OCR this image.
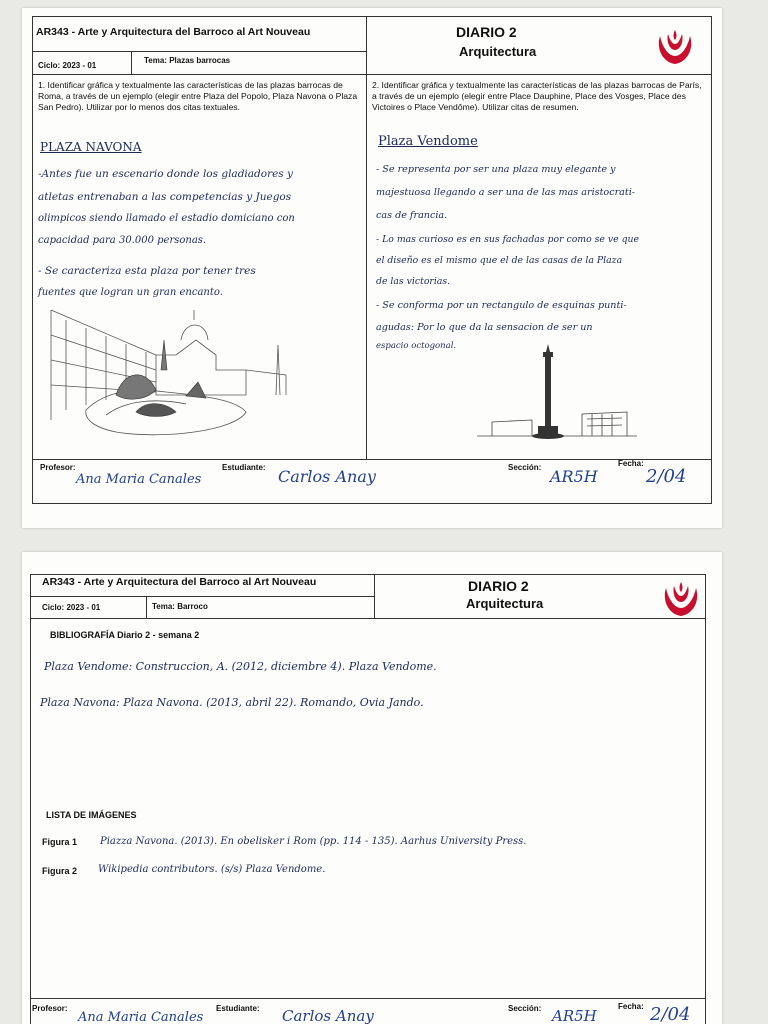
AR343 - Arte y Arquitectura del Barroco al Art Nouveau	DIARIO 2
Arquitectura
Ciclo: 2023 - 01
Tema: Plazas barrocas
1. Identificar gráfica y textualmente las características de las plazas barrocas de Roma, a través de un ejemplo (elegir entre Plaza del Popolo, Plaza Navona o Plaza San Pedro). Utilizar por lo menos dos citas textuales.
2. Identificar gráfica y textualmente las características de las plazas barrocas de París, a través de un ejemplo (elegir entre Place Dauphine, Place des Vosges, Place des Victoires o Place Vendôme). Utilizar citas de resumen.
PLAZA NAVONA
-Antes fue un escenario donde los gladiadores y
atletas entrenaban a las competencias y Juegos
olimpicos siendo llamado el estadio domiciano con
capacidad para 30.000 personas.
- Se caracteriza esta plaza por tener tres
fuentes que logran un gran encanto.
Plaza Vendome
- Se representa por ser una plaza muy elegante y
majestuosa llegando a ser una de las mas aristocrati-
cas de francia.
- Lo mas curioso es en sus fachadas por como se ve que
el diseño es el mismo que el de las casas de la Plaza
de las victorias.
- Se conforma por un rectangulo de esquinas punti-
agudas: Por lo que da la sensacion de ser un
espacio octogonal.
Profesor:
Ana Maria Canales
Estudiante: Carlos Anay	Sección: AR5H
Fecha:
2/04
AR343 - Arte y Arquitectura del Barroco al Art Nouveau	DIARIO 2
Arquitectura
Ciclo: 2023 - 01	Tema: Barroco
BIBLIOGRAFÍA Diario 2 - semana 2
Plaza Vendome: Construccion, A. (2012, diciembre 4). Plaza Vendome.
Plaza Navona: Plaza Navona. (2013, abril 22). Romando, Ovia Jando.
LISTA DE IMÁGENES
Figura 1 Piazza Navona. (2013). En obelisker i Rom (pp. 114 - 135). Aarhus University Press.
Figura 2 Wikipedia contributors. (s/s) Plaza Vendome.
Profesor:
Ana Maria Canales
Estudiante: Carlos Anay	Sección: AR5H
Fecha: 2/04
